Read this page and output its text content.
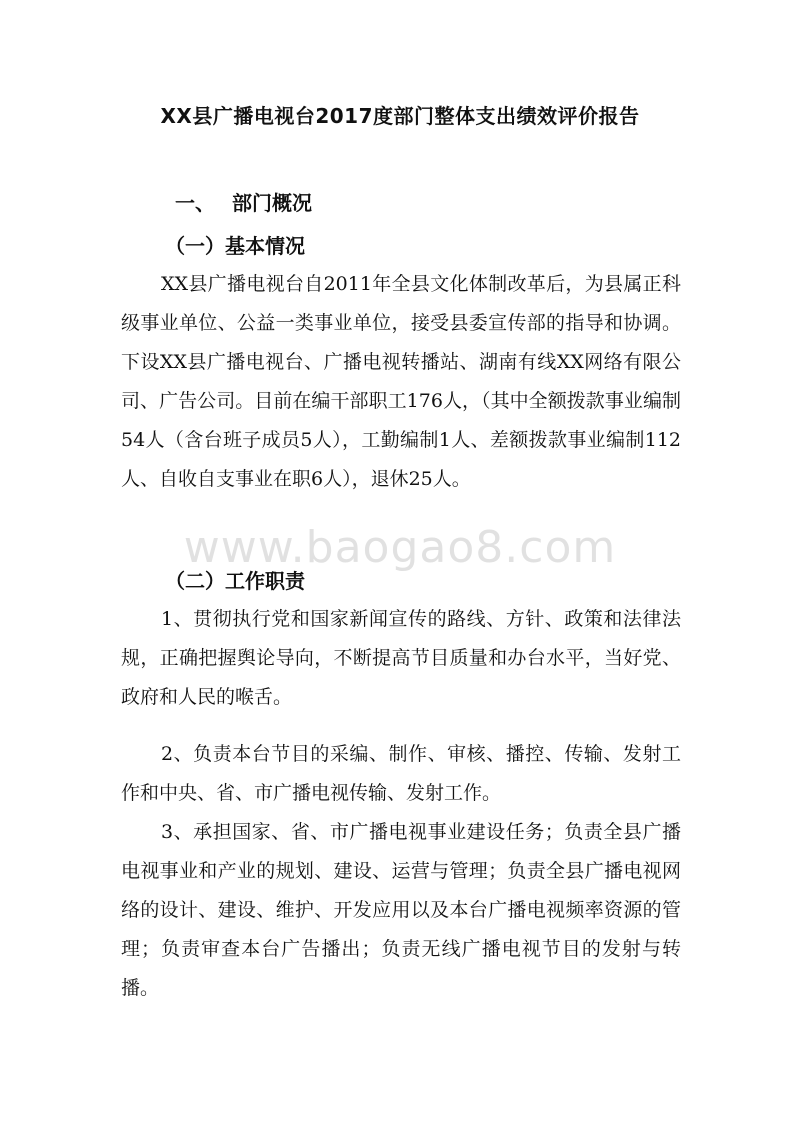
XX县广播电视台2017度部门整体支出绩效评价报告
一、 部门概况
（一）基本情况

XX县广播电视台自2011年全县文化体制改革后，为县属正科级事业单位、公益一类事业单位，接受县委宣传部的指导和协调。下设XX县广播电视台、广播电视转播站、湖南有线XX网络有限公司、广告公司。目前在编干部职工176人，（其中全额拨款事业编制54人（含台班子成员5人），工勤编制1人、差额拨款事业编制112人、自收自支事业在职6人），退休25人。

www.baogao8.com
（二）工作职责

1、贯彻执行党和国家新闻宣传的路线、方针、政策和法律法规，正确把握舆论导向，不断提高节目质量和办台水平，当好党、政府和人民的喉舌。

2、负责本台节目的采编、制作、审核、播控、传输、发射工作和中央、省、市广播电视传输、发射工作。

3、承担国家、省、市广播电视事业建设任务；负责全县广播电视事业和产业的规划、建设、运营与管理；负责全县广播电视网络的设计、建设、维护、开发应用以及本台广播电视频率资源的管理；负责审查本台广告播出；负责无线广播电视节目的发射与转播。
